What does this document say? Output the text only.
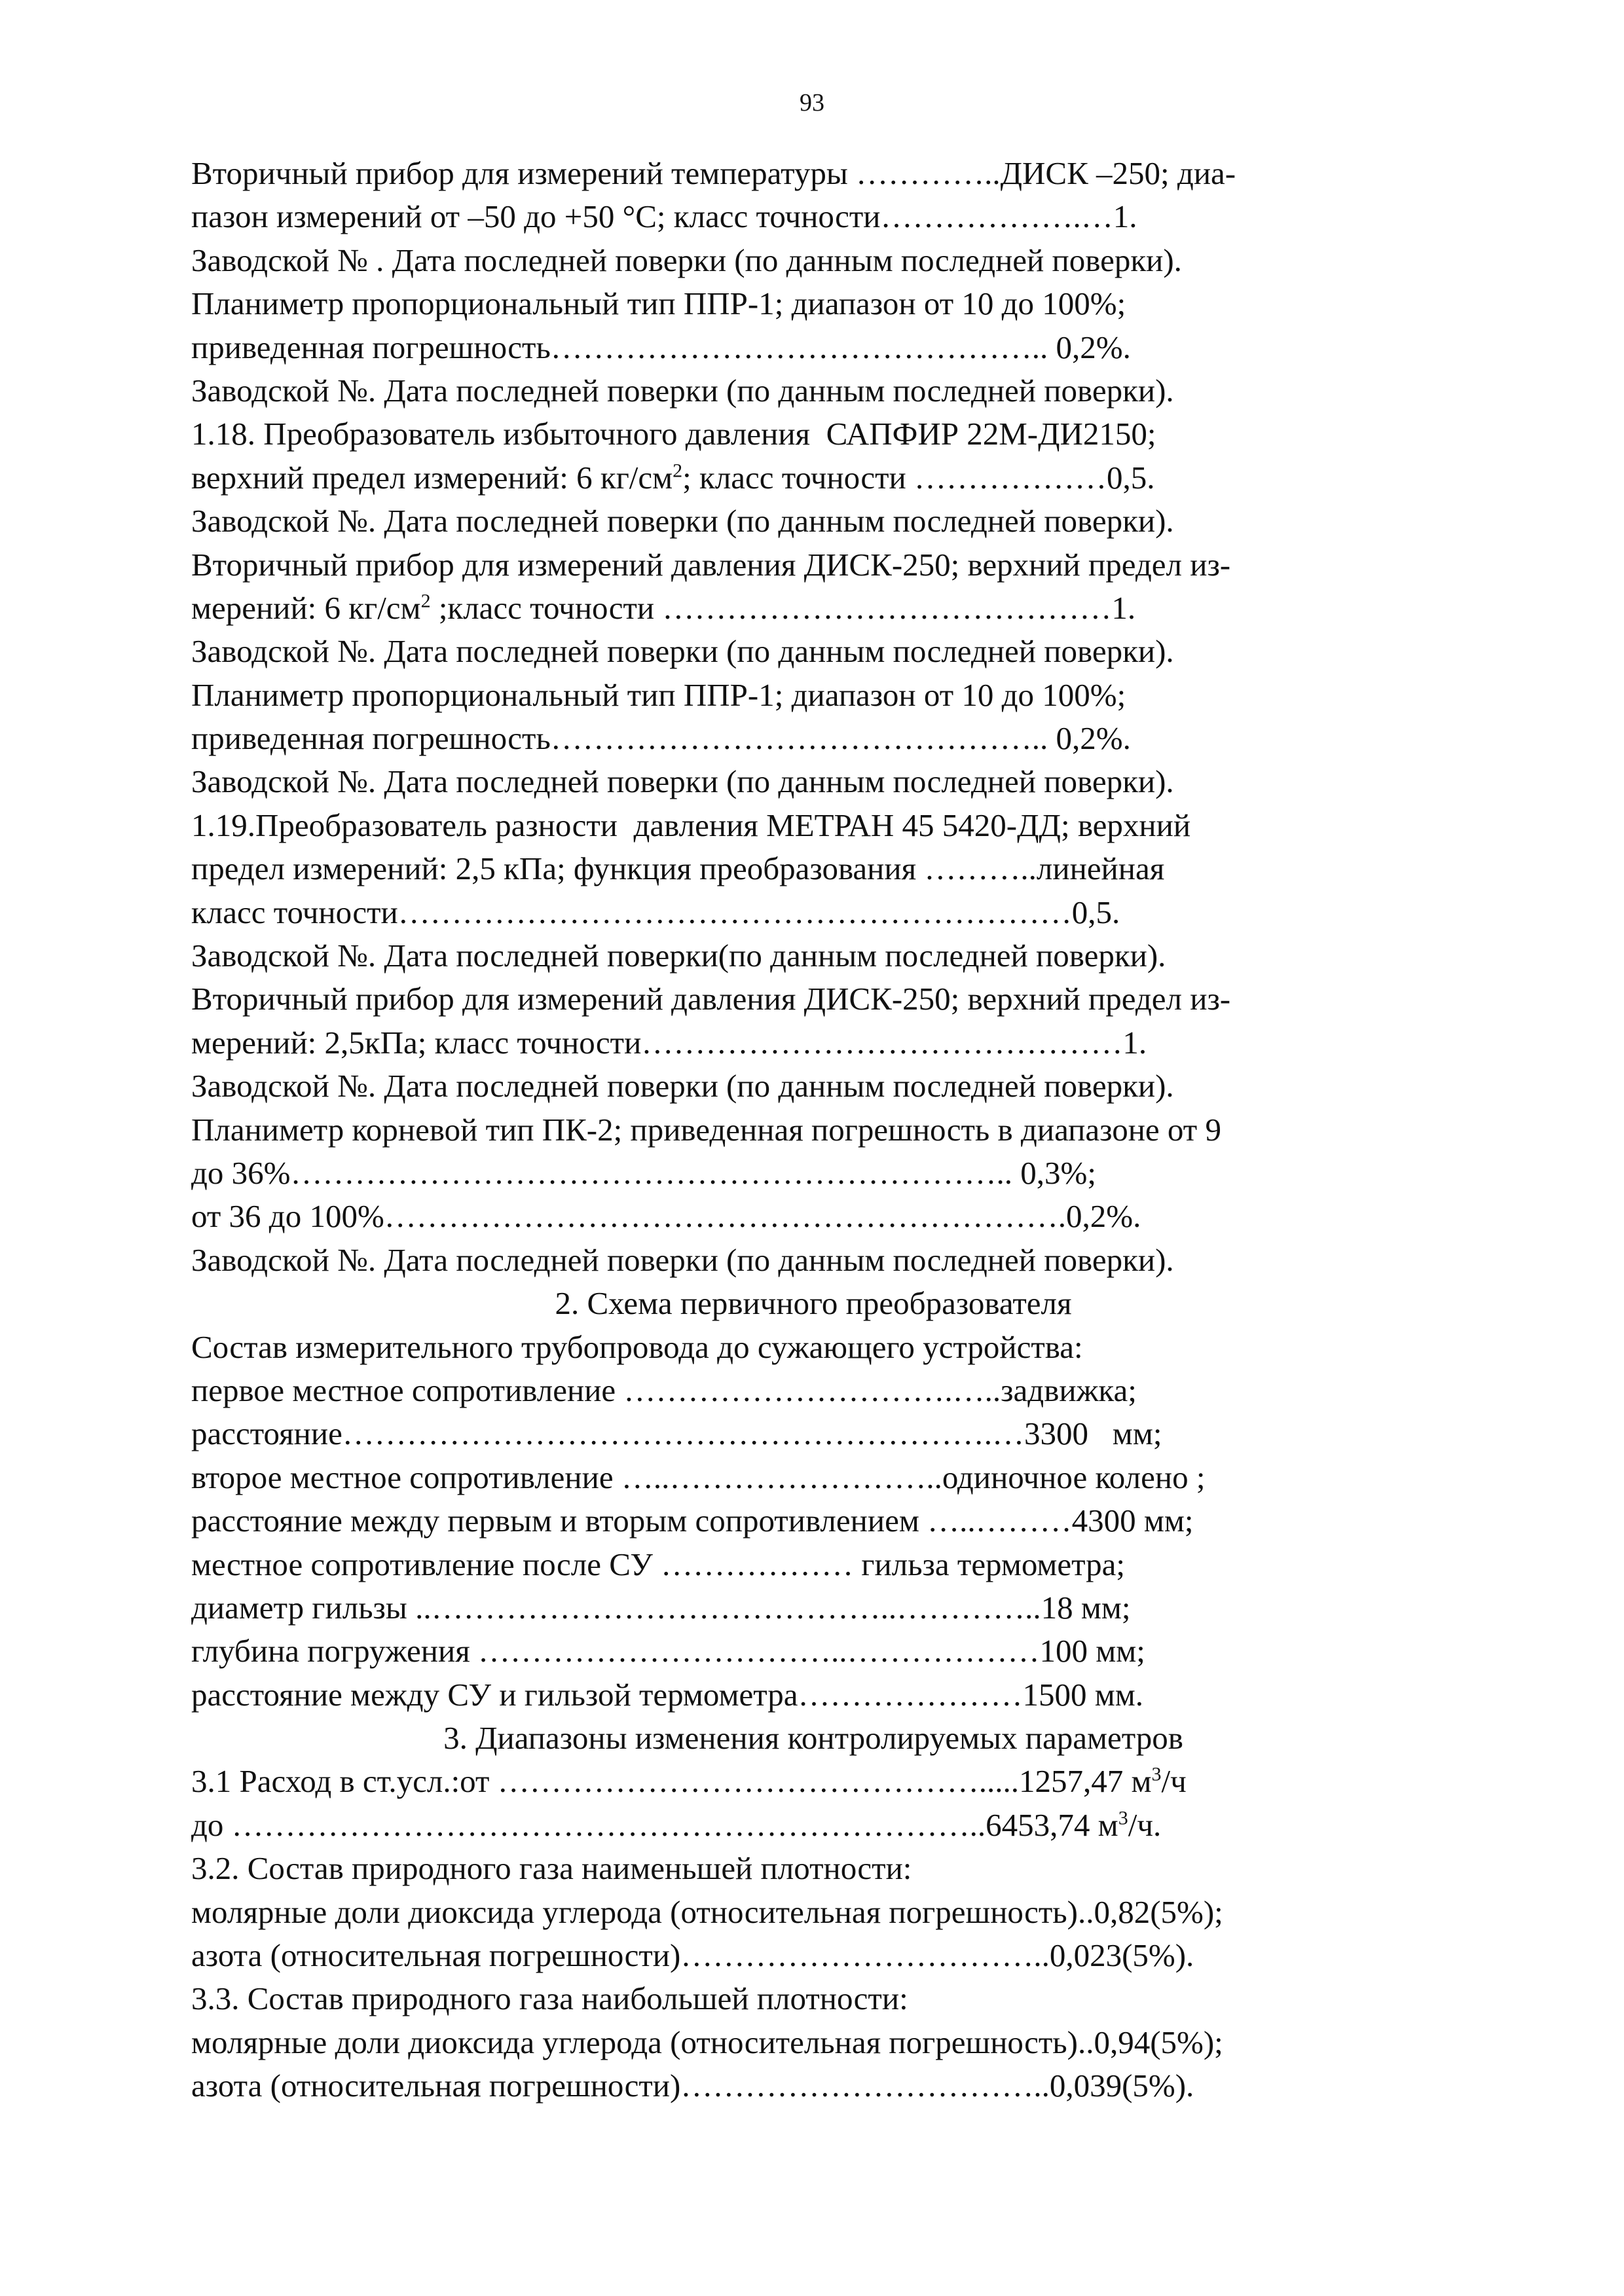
93
Вторичный прибор для измерений температуры …………..ДИСК –250; диа-
пазон измерений от –50 до +50 °С; класс точности……………….…1.
Заводской № . Дата последней поверки (по данным последней поверки).
Планиметр пропорциональный тип ППР-1; диапазон от 10 до 100%;
приведенная погрешность……………………………………….. 0,2%.
Заводской №. Дата последней поверки (по данным последней поверки).
1.18. Преобразователь избыточного давления  САПФИР 22М-ДИ2150;
верхний предел измерений: 6 $кг/см^2$; класс точности ………………0,5.
Заводской №. Дата последней поверки (по данным последней поверки).
Вторичный прибор для измерений давления ДИСК-250; верхний предел из-
мерений: 6 $кг/см^2$ ;класс точности ……………………………………1.
Заводской №. Дата последней поверки (по данным последней поверки).
Планиметр пропорциональный тип ППР-1; диапазон от 10 до 100%;
приведенная погрешность……………………………………….. 0,2%.
Заводской №. Дата последней поверки (по данным последней поверки).
1.19.Преобразователь разности  давления МЕТРАН 45 5420-ДД; верхний
предел измерений: 2,5 кПа; функция преобразования ………..линейная
класс точности………………………………………………………0,5.
Заводской №. Дата последней поверки(по данным последней поверки).
Вторичный прибор для измерений давления ДИСК-250; верхний предел из-
мерений: 2,5кПа; класс точности………………………………………1.
Заводской №. Дата последней поверки (по данным последней поверки).
Планиметр корневой тип ПК-2; приведенная погрешность в диапазоне от 9
до 36%………………………………………………………….. 0,3%;
от 36 до 100%……………………………………………………….0,2%.
Заводской №. Дата последней поверки (по данным последней поверки).
2. Схема первичного преобразователя
Состав измерительного трубопровода до сужающего устройства:
первое местное сопротивление ………………………….…..задвижка;
расстояние…………………………………………………….…3300   мм;
второе местное сопротивление …..……………………..одиночное колено ;
расстояние между первым и вторым сопротивлением …..………4300 мм;
местное сопротивление после СУ ……………… гильза термометра;
диаметр гильзы ..……………………………………..…………..18 мм;
глубина погружения ……………………………..………………100 мм;
расстояние между СУ и гильзой термометра…………………1500 мм.
3. Диапазоны изменения контролируемых параметров
3.1 Расход в ст.усл.:от ……………………………………….....1257,47 $м^3/ч$
до ……………………………………………………………..6453,74 $м^3/ч$.
3.2. Состав природного газа наименьшей плотности:
молярные доли диоксида углерода (относительная погрешность)..0,82(5%);
азота (относительная погрешности)……………………………..0,023(5%).
3.3. Состав природного газа наибольшей плотности:
молярные доли диоксида углерода (относительная погрешность)..0,94(5%);
азота (относительная погрешности)……………………………..0,039(5%).
